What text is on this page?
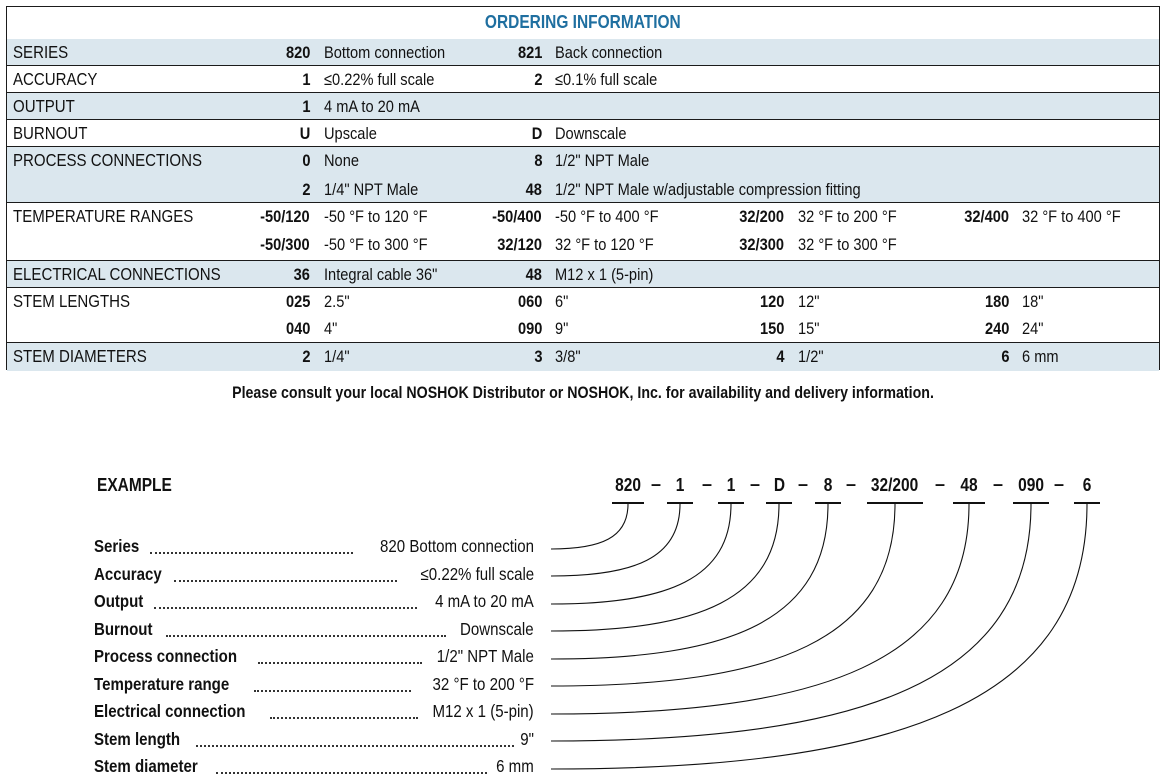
ORDERING INFORMATION
SERIES	820 Bottom connection	821 Back connection
ACCURACY	1 ≤0.22% full scale	2 ≤0.1% full scale
OUTPUT	1 4 mA to 20 mA
BURNOUT	U Upscale	D Downscale
PROCESS CONNECTIONS	0 None	8 1/2" NPT Male
2 1/4" NPT Male	48 1/2" NPT Male w/adjustable compression fitting
TEMPERATURE RANGES	-50/120 -50 °F to 120 °F	-50/400 -50 °F to 400 °F	32/200 32 °F to 200 °F	32/400 32 °F to 400 °F
-50/300 -50 °F to 300 °F	32/120 32 °F to 120 °F	32/300 32 °F to 300 °F
ELECTRICAL CONNECTIONS	36 Integral cable 36"	48 M12 x 1 (5-pin)
STEM LENGTHS	025 2.5"	060 6"	120 12"	180 18"
040 4"	090 9"	150 15"	240 24"
STEM DIAMETERS	2 1/4"	3 3/8"	4 1/2"	6 6 mm
Please consult your local NOSHOK Distributor or NOSHOK, Inc. for availability and delivery information.
EXAMPLE	820	1	1	D	8	32/200	48	090	6
– – – – –	–	–	–
Series	820 Bottom connection
Accuracy	≤0.22% full scale
Output	4 mA to 20 mA
Burnout	Downscale
Process connection	1/2" NPT Male
Temperature range	32 °F to 200 °F
Electrical connection	M12 x 1 (5-pin)
Stem length	9"
Stem diameter	6 mm
